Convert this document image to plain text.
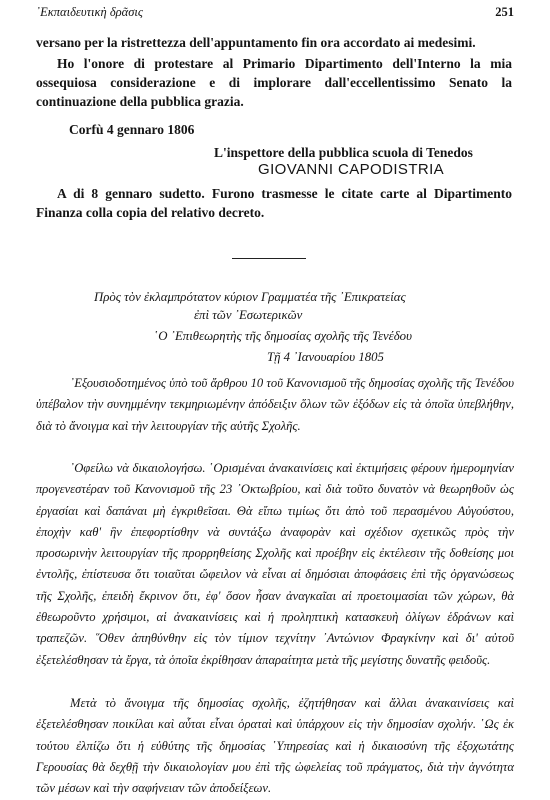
᾿Εκπαιδευτικὴ δρᾶσις	251

versano per la ristrettezza dell'appuntamento fin ora accordato ai medesimi.

Ho l'onore di protestare al Primario Dipartimento dell'Interno la mia ossequiosa considerazione e di implorare dall'eccellentissimo Senato la continuazione della pubblica grazia.

Corfù 4 gennaro 1806
L'inspettore della pubblica scuola di Tenedos
GIOVANNI CAPODISTRIA

A di 8 gennaro sudetto. Furono trasmesse le citate carte al Dipartimento Finanza colla copia del relativo decreto.

Πρὸς τὸν ἐκλαμπρότατον κύριον Γραμματέα τῆς ᾿Επικρατείας
ἐπὶ τῶν ᾿Εσωτερικῶν
῾Ο ᾿Επιθεωρητὴς τῆς δημοσίας σχολῆς τῆς Τενέδου
Τῇ 4 ᾿Ιανουαρίου 1805

᾿Εξουσιοδοτημένος ὑπὸ τοῦ ἄρθρου 10 τοῦ Κανονισμοῦ τῆς δημοσίας σχολῆς τῆς Τενέδου ὑπέβαλον τὴν συνημμένην τεκμηριωμένην ἀπόδειξιν ὅλων τῶν ἐξόδων εἰς τὰ ὁποῖα ὑπεβλήθην, διὰ τὸ ἄνοιγμα καὶ τὴν λειτουργίαν τῆς αὐτῆς Σχολῆς.

᾿Οφείλω νὰ δικαιολογήσω. ῾Ορισμέναι ἀνακαινίσεις καὶ ἐκτιμήσεις φέρουν ἡμερομηνίαν προγενεστέραν τοῦ Κανονισμοῦ τῆς 23 ᾿Οκτωβρίου, καὶ διὰ τοῦτο δυνατὸν νὰ θεωρηθοῦν ὡς ἐργασίαι καὶ δαπάναι μὴ ἐγκριθεῖσαι. Θὰ εἴπω τιμίως ὅτι ἀπὸ τοῦ περασμένου Αὐγούστου, ἐποχὴν καθ' ἣν ἐπεφορτίσθην νὰ συντάξω ἀναφορὰν καὶ σχέδιον σχετικῶς πρὸς τὴν προσωρινὴν λειτουργίαν τῆς προρρηθείσης Σχολῆς καὶ προέβην εἰς ἐκτέλεσιν τῆς δοθείσης μοι ἐντολῆς, ἐπίστευσα ὅτι τοιαῦται ὤφειλον νὰ εἶναι αἱ δημόσιαι ἀποφάσεις ἐπὶ τῆς ὀργανώσεως τῆς Σχολῆς, ἐπειδὴ ἔκρινον ὅτι, ἐφ' ὅσον ἦσαν ἀναγκαῖαι αἱ προετοιμασίαι τῶν χώρων, θὰ ἐθεωροῦντο χρήσιμοι, αἱ ἀνακαινίσεις καὶ ἡ προληπτικὴ κατασκευὴ ὀλίγων ἑδράνων καὶ τραπεζῶν. ῞Οθεν ἀπηθύνθην εἰς τὸν τίμιον τεχνίτην ᾿Αντώνιον Φραγκίνην καὶ δι' αὐτοῦ ἐξετελέσθησαν τὰ ἔργα, τὰ ὁποῖα ἐκρίθησαν ἀπαραίτητα μετὰ τῆς μεγίστης δυνατῆς φειδοῦς.

Μετὰ τὸ ἄνοιγμα τῆς δημοσίας σχολῆς, ἐζητήθησαν καὶ ἄλλαι ἀνακαινίσεις καὶ ἐξετελέσθησαν ποικίλαι καὶ αὗται εἶναι ὁραταὶ καὶ ὑπάρχουν εἰς τὴν δημοσίαν σχολήν. ῾Ως ἐκ τούτου ἐλπίζω ὅτι ἡ εὐθύτης τῆς δημοσίας ῾Υπηρεσίας καὶ ἡ δικαιοσύνη τῆς ἐξοχωτάτης Γερουσίας θὰ δεχθῇ τὴν δικαιολογίαν μου ἐπὶ τῆς ὠφελείας τοῦ πράγματος, διὰ τὴν ἀγνότητα τῶν μέσων καὶ τὴν σαφήνειαν τῶν ἀποδείξεων.
